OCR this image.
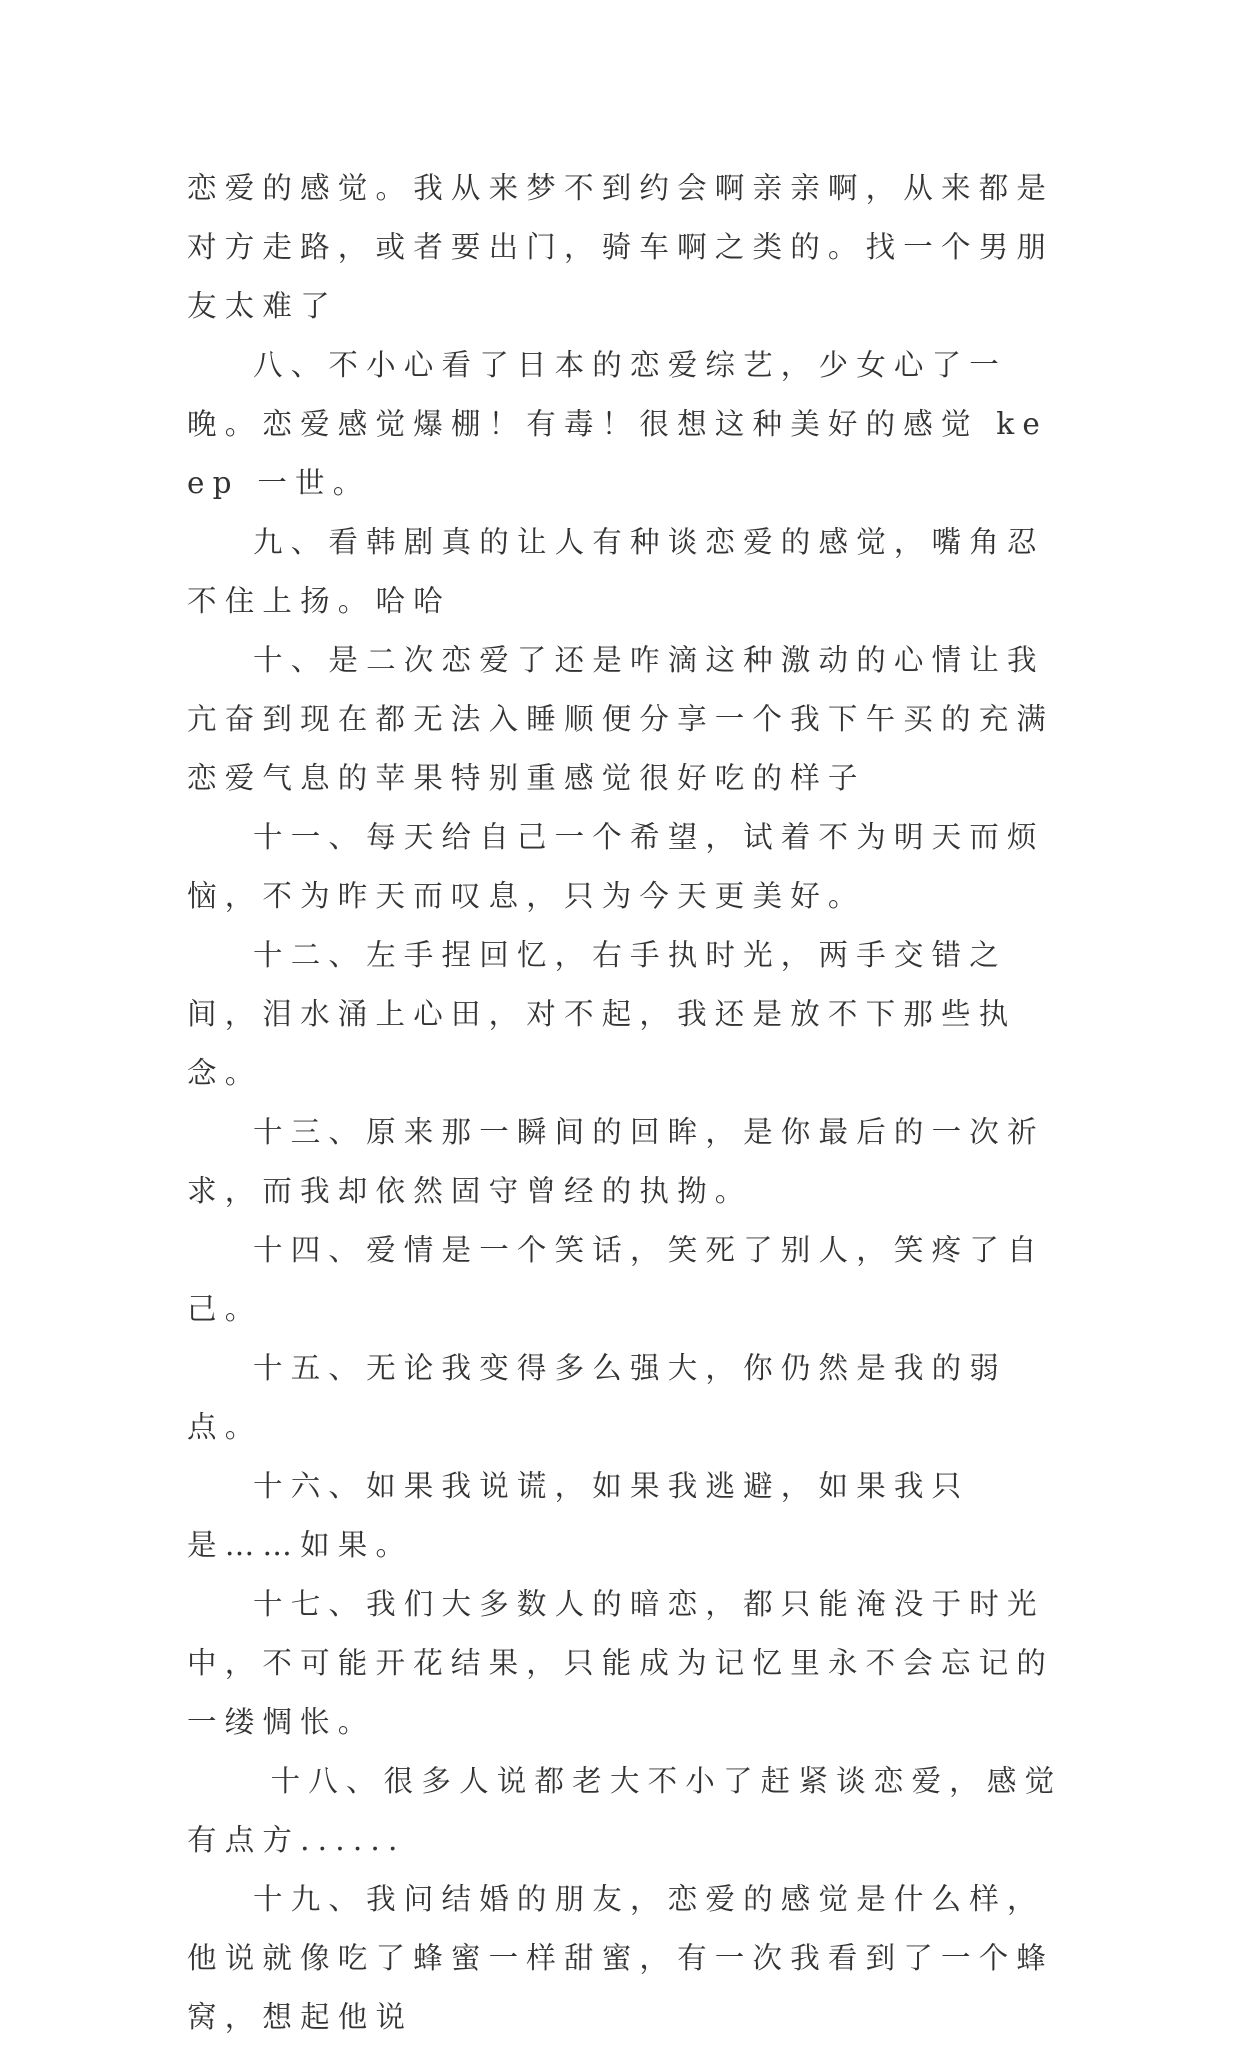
恋爱的感觉。我从来梦不到约会啊亲亲啊，从来都是对方走路，或者要出门，骑车啊之类的。找一个男朋友太难了

八、不小心看了日本的恋爱综艺，少女心了一晚。恋爱感觉爆棚！有毒！很想这种美好的感觉 keep 一世。

九、看韩剧真的让人有种谈恋爱的感觉，嘴角忍不住上扬。哈哈

十、是二次恋爱了还是咋滴这种激动的心情让我亢奋到现在都无法入睡顺便分享一个我下午买的充满恋爱气息的苹果特别重感觉很好吃的样子

十一、每天给自己一个希望，试着不为明天而烦恼，不为昨天而叹息，只为今天更美好。

十二、左手捏回忆，右手执时光，两手交错之间，泪水涌上心田，对不起，我还是放不下那些执念。

十三、原来那一瞬间的回眸，是你最后的一次祈求，而我却依然固守曾经的执拗。

十四、爱情是一个笑话，笑死了别人，笑疼了自己。

十五、无论我变得多么强大，你仍然是我的弱点。

十六、如果我说谎，如果我逃避，如果我只是……如果。

十七、我们大多数人的暗恋，都只能淹没于时光中，不可能开花结果，只能成为记忆里永不会忘记的一缕惆怅。

十八、很多人说都老大不小了赶紧谈恋爱，感觉有点方......

十九、我问结婚的朋友，恋爱的感觉是什么样，他说就像吃了蜂蜜一样甜蜜，有一次我看到了一个蜂窝，想起他说
